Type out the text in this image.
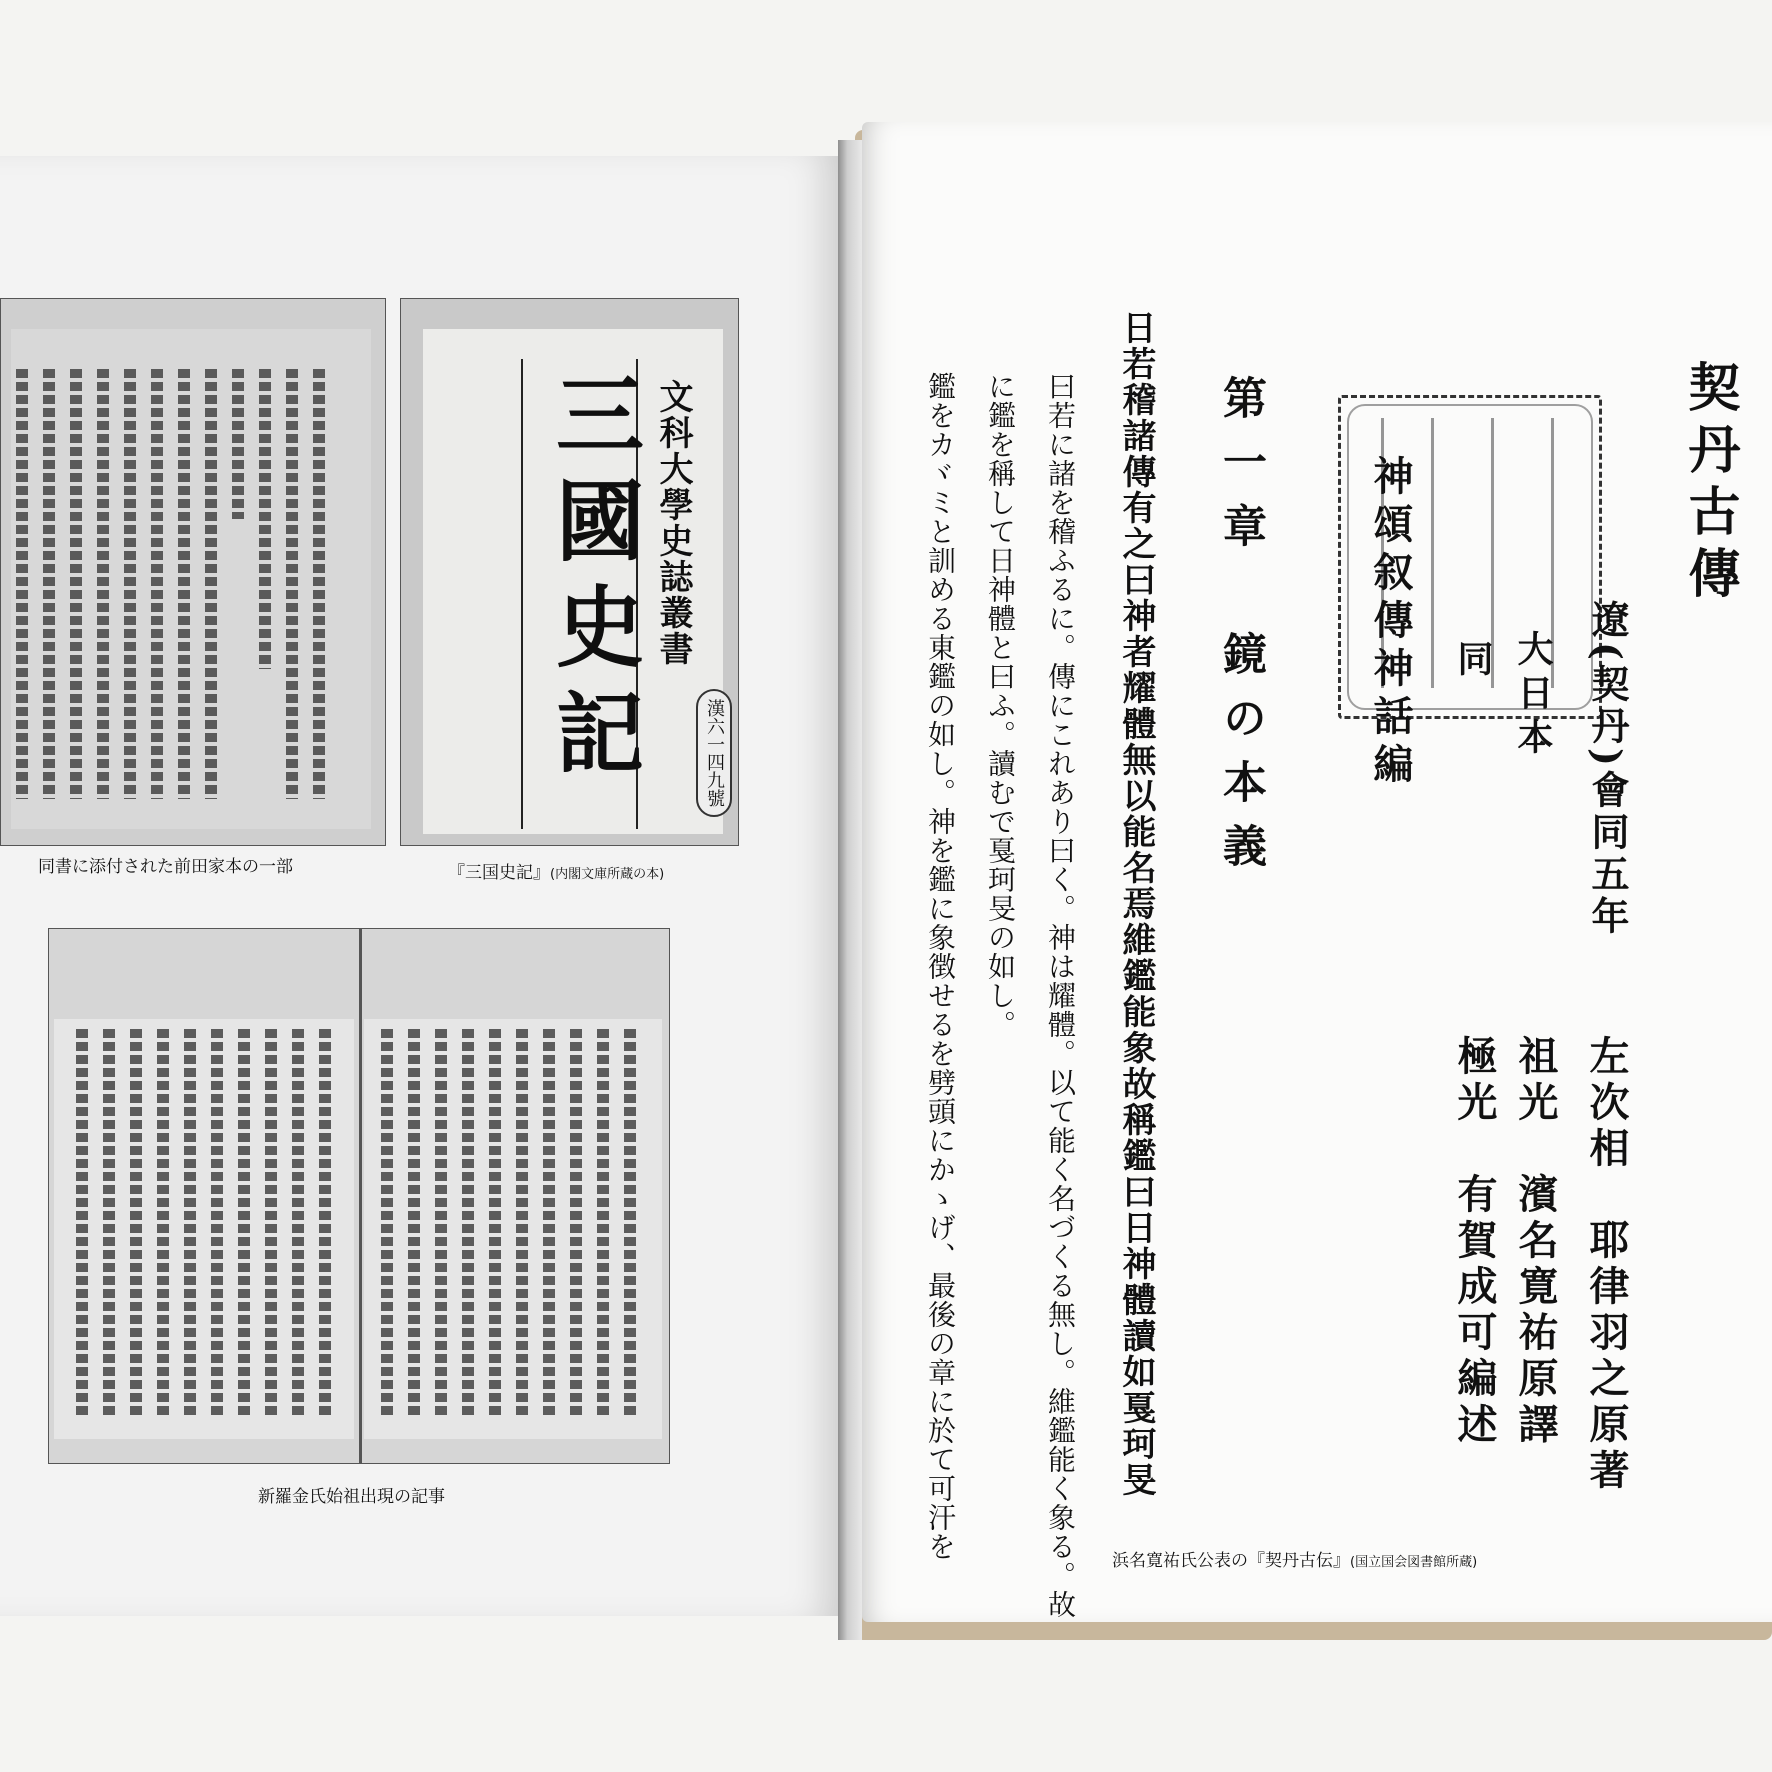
同書に添付された前田家本の一部
三國史記 文科大學史誌叢書
漢六一四九號
『三国史記』(内閣文庫所蔵の本)
新羅金氏始祖出現の記事
契丹古傳
遼(契丹)會同五年
大日本
同
神頌叙傳神話編
左次相　耶律羽之原著
祖光　濱名寛祐原譯
極光　有賀成可編述
第一章　鏡の本義
日若稽諸傳有之曰神者耀體無以能名焉維鑑能象故稱鑑曰日神體讀如戛珂旻
曰若に諸を稽ふるに。傳にこれあり曰く。神は耀體。以て能く名づくる無し。維鑑能く象る。故
に鑑を稱して日神體と曰ふ。讀むで戛珂旻の如し。
鑑をカヾミと訓める東鑑の如し。神を鑑に象徴せるを劈頭にかゝげ、最後の章に於て可汗を	浜名寛祐氏公表の『契丹古伝』(国立国会図書館所蔵)
